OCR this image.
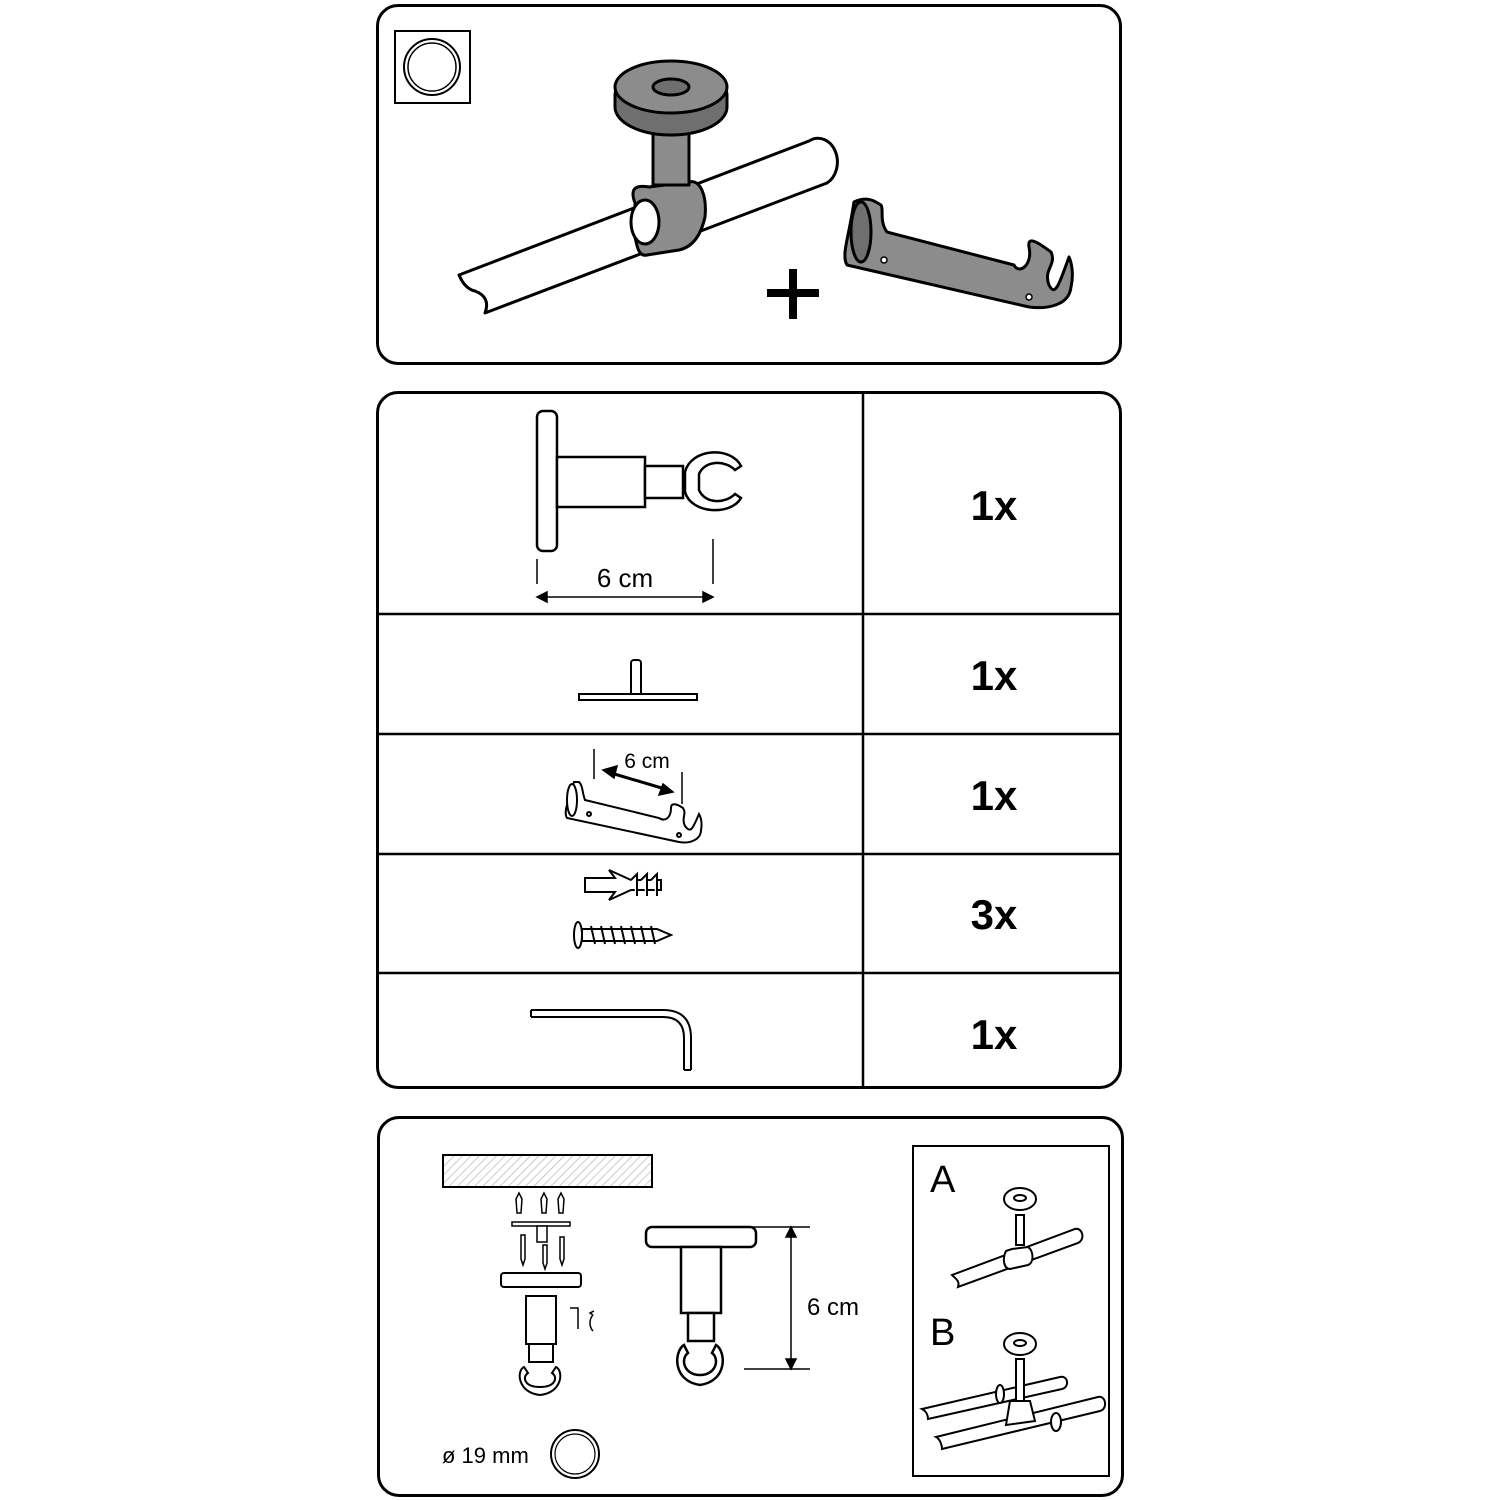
6 cm
6 cm
1x
1x
1x
3x
1x
6 cm
ø 19 mm
A
B
